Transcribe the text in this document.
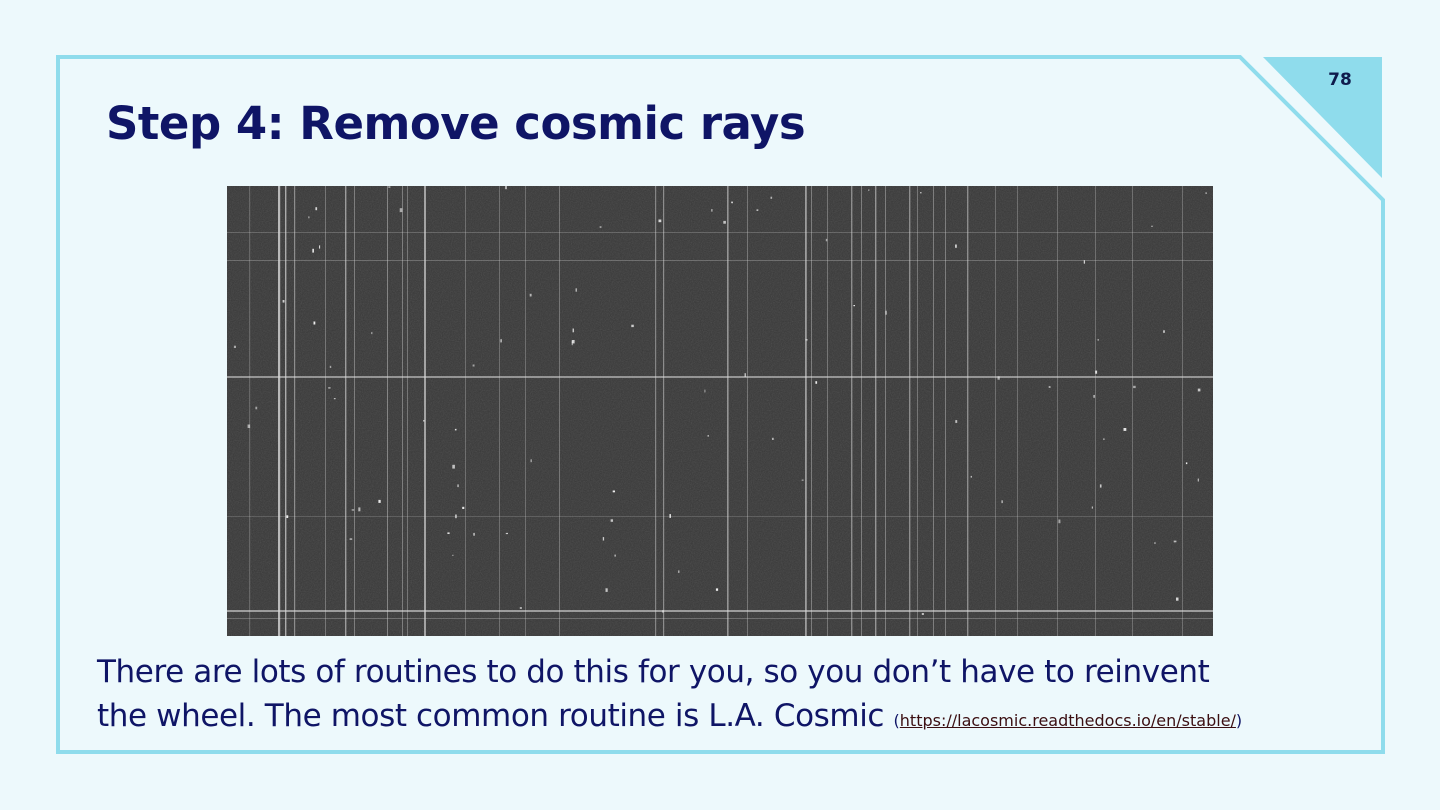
78
Step 4: Remove cosmic rays
There are lots of routines to do this for you, so you don’t have to reinvent
the wheel. The most common routine is L.A. Cosmic (https://lacosmic.readthedocs.io/en/stable/)
